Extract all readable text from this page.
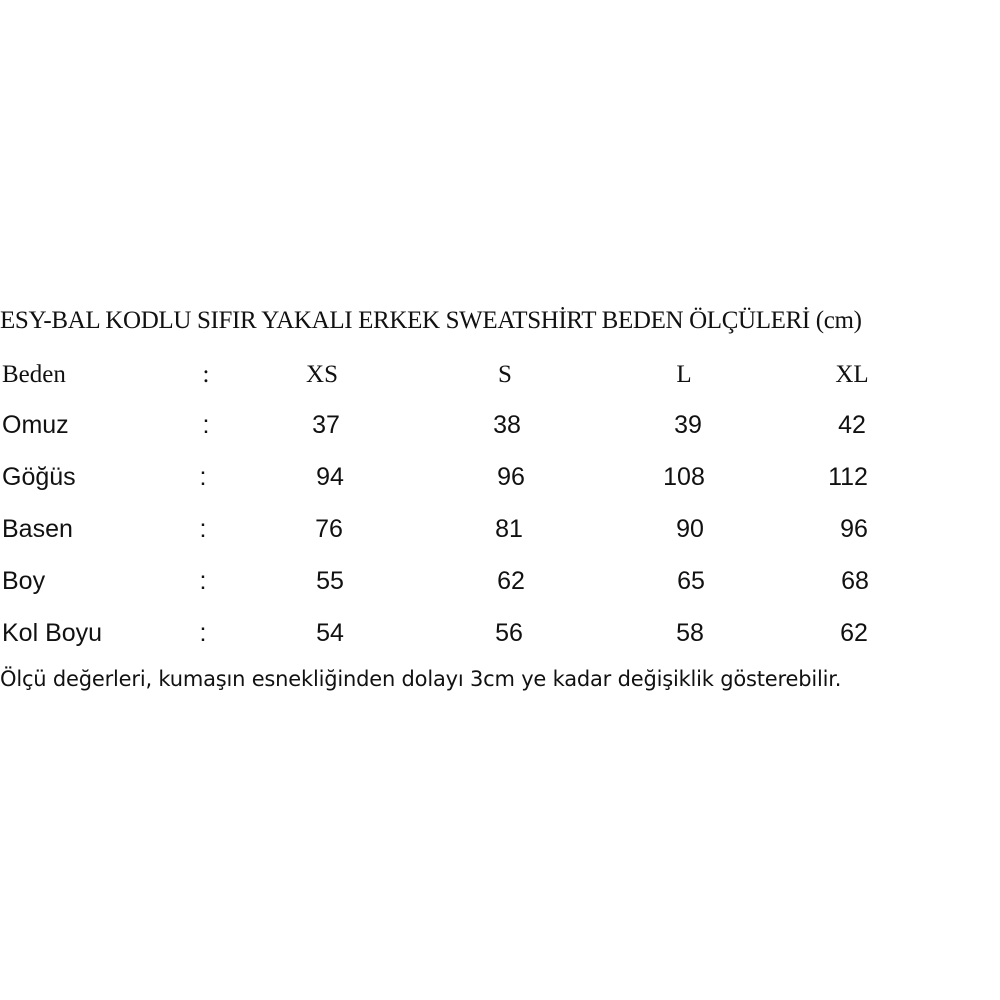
ESY-BAL KODLU SIFIR YAKALI ERKEK SWEATSHİRT BEDEN ÖLÇÜLERİ (cm)
Beden	:	XS	S	L	XL
Omuz	:	37	38	39	42
Göğüs	:	94	96	108	112
Basen	:	76	81	90	96
Boy	:	55	62	65	68
Kol Boyu	:	54	56	58	62
Ölçü değerleri, kumaşın esnekliğinden dolayı 3cm ye kadar değişiklik gösterebilir.
